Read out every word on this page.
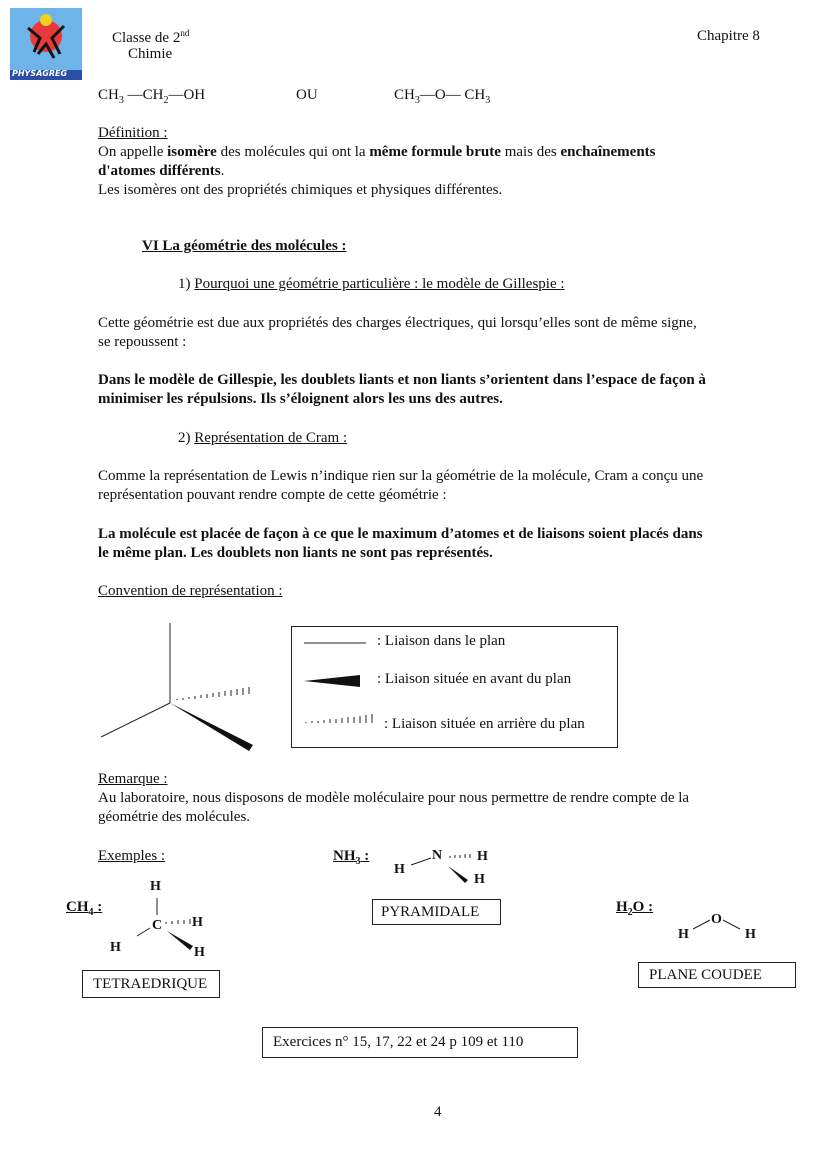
PHYSAGREG
Classe de 2nd
Chimie
Chapitre 8
$CH_3$ $—CH_2—OH$	OU	$CH_3—O—$ $CH_3$
Définition :
On appelle isomère des molécules qui ont la même formule brute mais des enchaînements
d'atomes différents.
Les isomères ont des propriétés chimiques et physiques différentes.
VI La géométrie des molécules :
1) Pourquoi une géométrie particulière : le modèle de Gillespie :
Cette géométrie est due aux propriétés des charges électriques, qui lorsqu’elles sont de même signe,
se repoussent :
Dans le modèle de Gillespie, les doublets liants et non liants s’orientent dans l’espace de façon à
minimiser les répulsions. Ils s’éloignent alors les uns des autres.
2) Représentation de Cram :
Comme la représentation de Lewis n’indique rien sur la géométrie de la molécule, Cram a conçu une
représentation pouvant rendre compte de cette géométrie :
La molécule est placée de façon à ce que le maximum d’atomes et de liaisons soient placés dans
le même plan. Les doublets non liants ne sont pas représentés.
Convention de représentation :
: Liaison dans le plan
: Liaison située en avant du plan
: Liaison située en arrière du plan
Remarque :
Au laboratoire, nous disposons de modèle moléculaire pour nous permettre de rendre compte de la
géométrie des molécules.
Exemples :
$CH_4$ :
H
C H
H	H
TETRAEDRIQUE
$NH_3$ :	N
H
H
H
PYRAMIDALE	$H_2O$ :
O
H	H
PLANE COUDEE
Exercices n° 15, 17, 22 et 24 p 109 et 110
4
